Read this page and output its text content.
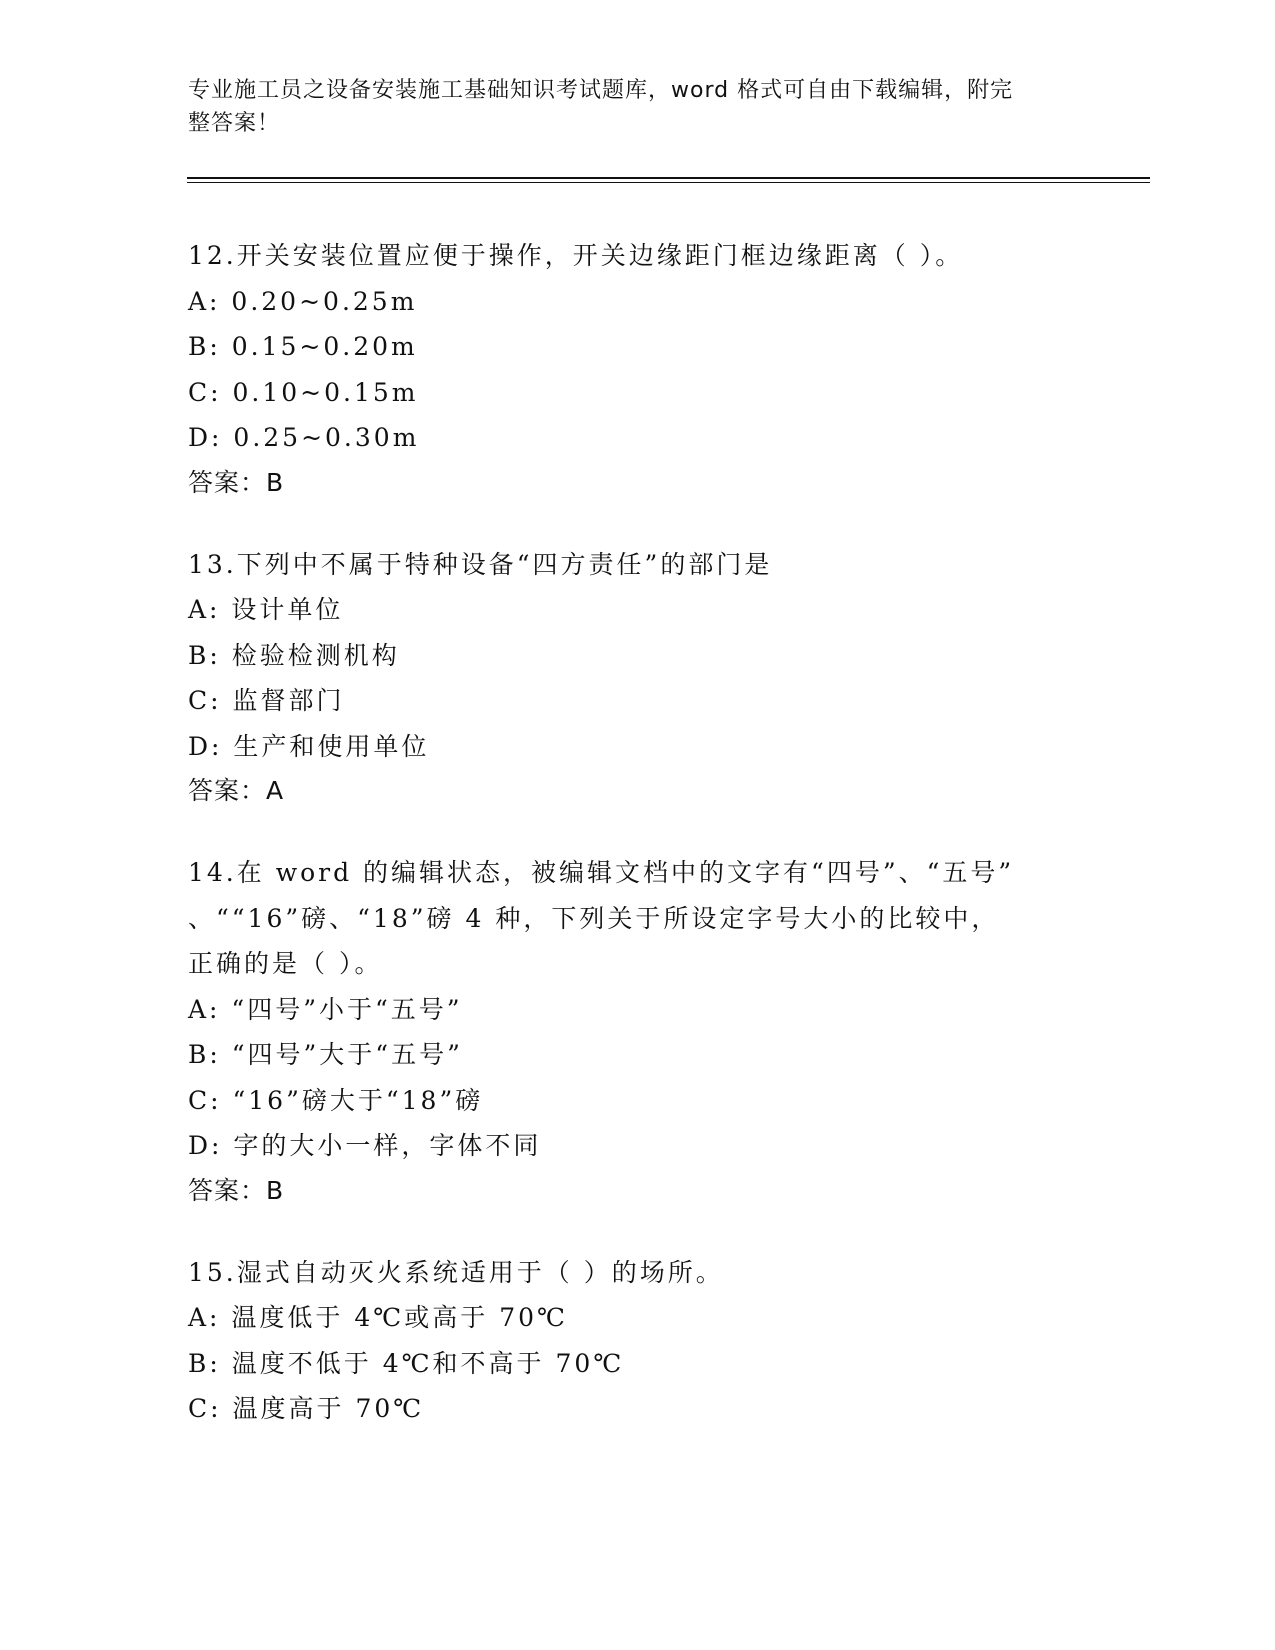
专业施工员之设备安装施工基础知识考试题库，word 格式可自由下载编辑，附完
整答案！
12.开关安装位置应便于操作，开关边缘距门框边缘距离（ ）。
A: 0.20~0.25m
B: 0.15~0.20m
C: 0.10~0.15m
D: 0.25~0.30m
答案：B
13.下列中不属于特种设备“四方责任”的部门是
A: 设计单位
B: 检验检测机构
C: 监督部门
D: 生产和使用单位
答案：A
14.在 word 的编辑状态，被编辑文档中的文字有“四号”、“五号”
、““16”磅、“18”磅 4 种，下列关于所设定字号大小的比较中，
正确的是（ ）。
A: “四号”小于“五号”
B: “四号”大于“五号”
C: “16”磅大于“18”磅
D: 字的大小一样，字体不同
答案：B
15.湿式自动灭火系统适用于（ ）的场所。
A: 温度低于 4℃或高于 70℃
B: 温度不低于 4℃和不高于 70℃
C: 温度高于 70℃
